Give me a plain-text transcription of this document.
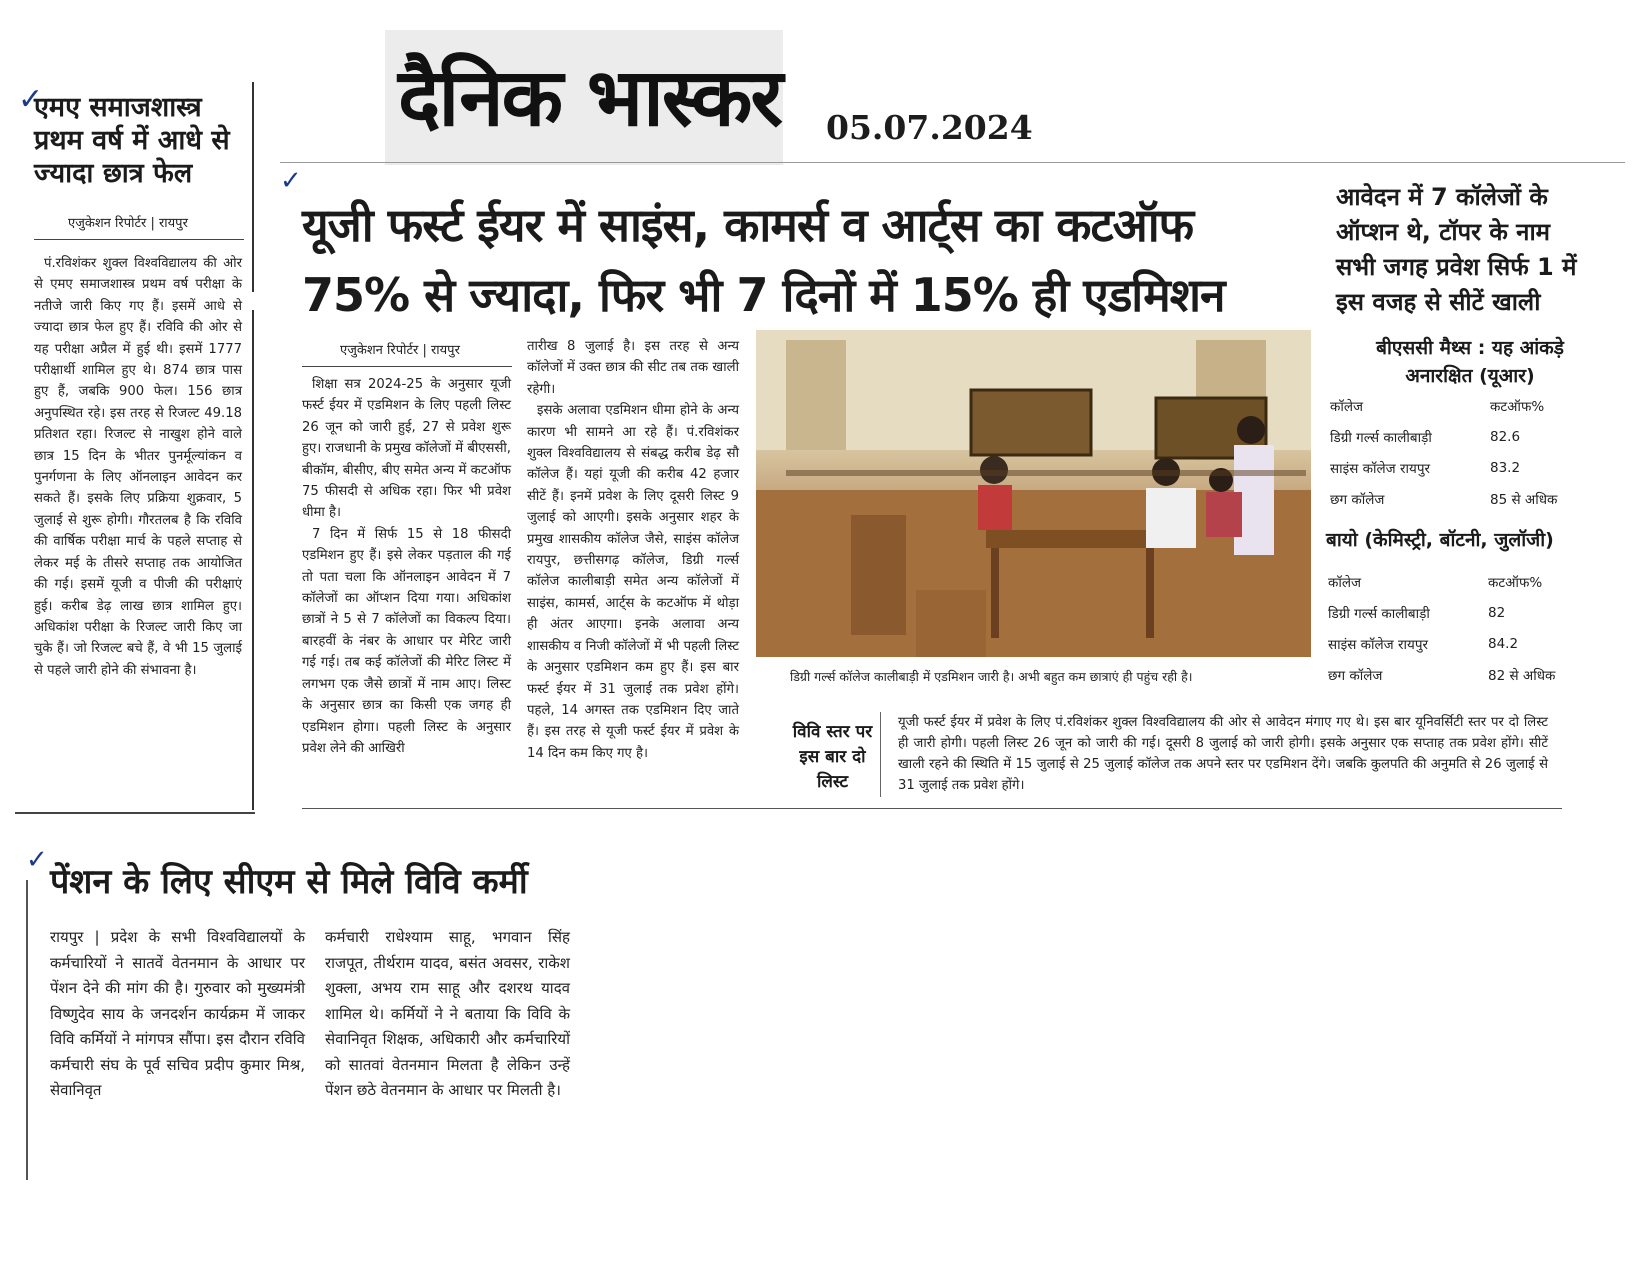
दैनिक भास्कर 05.07.2024
✓
एमए समाजशास्त्र
प्रथम वर्ष में आधे से
ज्यादा छात्र फेल
एजुकेशन रिपोर्टर | रायपुर

पं.रविशंकर शुक्ल विश्वविद्यालय की ओर से एमए समाजशास्त्र प्रथम वर्ष परीक्षा के नतीजे जारी किए गए हैं। इसमें आधे से ज्यादा छात्र फेल हुए हैं। रविवि की ओर से यह परीक्षा अप्रैल में हुई थी। इसमें 1777 परीक्षार्थी शामिल हुए थे। 874 छात्र पास हुए हैं, जबकि 900 फेल। 156 छात्र अनुपस्थित रहे। इस तरह से रिजल्ट 49.18 प्रतिशत रहा। रिजल्ट से नाखुश होने वाले छात्र 15 दिन के भीतर पुनर्मूल्यांकन व पुनर्गणना के लिए ऑनलाइन आवेदन कर सकते हैं। इसके लिए प्रक्रिया शुक्रवार, 5 जुलाई से शुरू होगी। गौरतलब है कि रविवि की वार्षिक परीक्षा मार्च के पहले सप्ताह से लेकर मई के तीसरे सप्ताह तक आयोजित की गई। इसमें यूजी व पीजी की परीक्षाएं हुई। करीब डेढ़ लाख छात्र शामिल हुए। अधिकांश परीक्षा के रिजल्ट जारी किए जा चुके हैं। जो रिजल्ट बचे हैं, वे भी 15 जुलाई से पहले जारी होने की संभावना है।

✓
यूजी फर्स्ट ईयर में साइंस, कामर्स व आर्ट्स का कटऑफ
75% से ज्यादा, फिर भी 7 दिनों में 15% ही एडमिशन
एजुकेशन रिपोर्टर | रायपुर

शिक्षा सत्र 2024-25 के अनुसार यूजी फर्स्ट ईयर में एडमिशन के लिए पहली लिस्ट 26 जून को जारी हुई, 27 से प्रवेश शुरू हुए। राजधानी के प्रमुख कॉलेजों में बीएससी, बीकॉम, बीसीए, बीए समेत अन्य में कटऑफ 75 फीसदी से अधिक रहा। फिर भी प्रवेश धीमा है।

7 दिन में सिर्फ 15 से 18 फीसदी एडमिशन हुए हैं। इसे लेकर पड़ताल की गई तो पता चला कि ऑनलाइन आवेदन में 7 कॉलेजों का ऑप्शन दिया गया। अधिकांश छात्रों ने 5 से 7 कॉलेजों का विकल्प दिया। बारहवीं के नंबर के आधार पर मेरिट जारी गई गई। तब कई कॉलेजों की मेरिट लिस्ट में लगभग एक जैसे छात्रों में नाम आए। लिस्ट के अनुसार छात्र का किसी एक जगह ही एडमिशन होगा। पहली लिस्ट के अनुसार प्रवेश लेने की आखिरी

तारीख 8 जुलाई है। इस तरह से अन्य कॉलेजों में उक्त छात्र की सीट तब तक खाली रहेगी।

इसके अलावा एडमिशन धीमा होने के अन्य कारण भी सामने आ रहे हैं। पं.रविशंकर शुक्ल विश्वविद्यालय से संबद्ध करीब डेढ़ सौ कॉलेज हैं। यहां यूजी की करीब 42 हजार सीटें हैं। इनमें प्रवेश के लिए दूसरी लिस्ट 9 जुलाई को आएगी। इसके अनुसार शहर के प्रमुख शासकीय कॉलेज जैसे, साइंस कॉलेज रायपुर, छत्तीसगढ़ कॉलेज, डिग्री गर्ल्स कॉलेज कालीबाड़ी समेत अन्य कॉलेजों में साइंस, कामर्स, आर्ट्स के कटऑफ में थोड़ा ही अंतर आएगा। इनके अलावा अन्य शासकीय व निजी कॉलेजों में भी पहली लिस्ट के अनुसार एडमिशन कम हुए हैं। इस बार फर्स्ट ईयर में 31 जुलाई तक प्रवेश होंगे। पहले, 14 अगस्त तक एडमिशन दिए जाते हैं। इस तरह से यूजी फर्स्ट ईयर में प्रवेश के 14 दिन कम किए गए है।

डिग्री गर्ल्स कॉलेज कालीबाड़ी में एडमिशन जारी है। अभी बहुत कम छात्राएं ही पहुंच रही है।
विवि स्तर पर
इस बार दो
लिस्ट
यूजी फर्स्ट ईयर में प्रवेश के लिए पं.रविशंकर शुक्ल विश्वविद्यालय की ओर से आवेदन मंगाए गए थे। इस बार यूनिवर्सिटी स्तर पर दो लिस्ट ही जारी होगी। पहली लिस्ट 26 जून को जारी की गई। दूसरी 8 जुलाई को जारी होगी। इसके अनुसार एक सप्ताह तक प्रवेश होंगे। सीटें खाली रहने की स्थिति में 15 जुलाई से 25 जुलाई कॉलेज तक अपने स्तर पर एडमिशन देंगे। जबकि कुलपति की अनुमति से 26 जुलाई से 31 जुलाई तक प्रवेश होंगे।
आवेदन में 7 कॉलेजों के
ऑप्शन थे, टॉपर के नाम
सभी जगह प्रवेश सिर्फ 1 में
इस वजह से सीटें खाली
बीएससी मैथ्स : यह आंकड़े
अनारक्षित (यूआर)
कॉलेज	कटऑफ%
डिग्री गर्ल्स कालीबाड़ी	82.6
साइंस कॉलेज रायपुर	83.2
छग कॉलेज	85 से अधिक
बायो (केमिस्ट्री, बॉटनी, जुलॉजी)
कॉलेज	कटऑफ%
डिग्री गर्ल्स कालीबाड़ी	82
साइंस कॉलेज रायपुर	84.2
छग कॉलेज	82 से अधिक
✓
पेंशन के लिए सीएम से मिले विवि कर्मी

रायपुर | प्रदेश के सभी विश्वविद्यालयों के कर्मचारियों ने सातवें वेतनमान के आधार पर पेंशन देने की मांग की है। गुरुवार को मुख्यमंत्री विष्णुदेव साय के जनदर्शन कार्यक्रम में जाकर विवि कर्मियों ने मांगपत्र सौंपा। इस दौरान रविवि कर्मचारी संघ के पूर्व सचिव प्रदीप कुमार मिश्र, सेवानिवृत

कर्मचारी राधेश्याम साहू, भगवान सिंह राजपूत, तीर्थराम यादव, बसंत अवसर, राकेश शुक्ला, अभय राम साहू और दशरथ यादव शामिल थे। कर्मियों ने ने बताया कि विवि के सेवानिवृत शिक्षक, अधिकारी और कर्मचारियों को सातवां वेतनमान मिलता है लेकिन उन्हें पेंशन छठे वेतनमान के आधार पर मिलती है।
